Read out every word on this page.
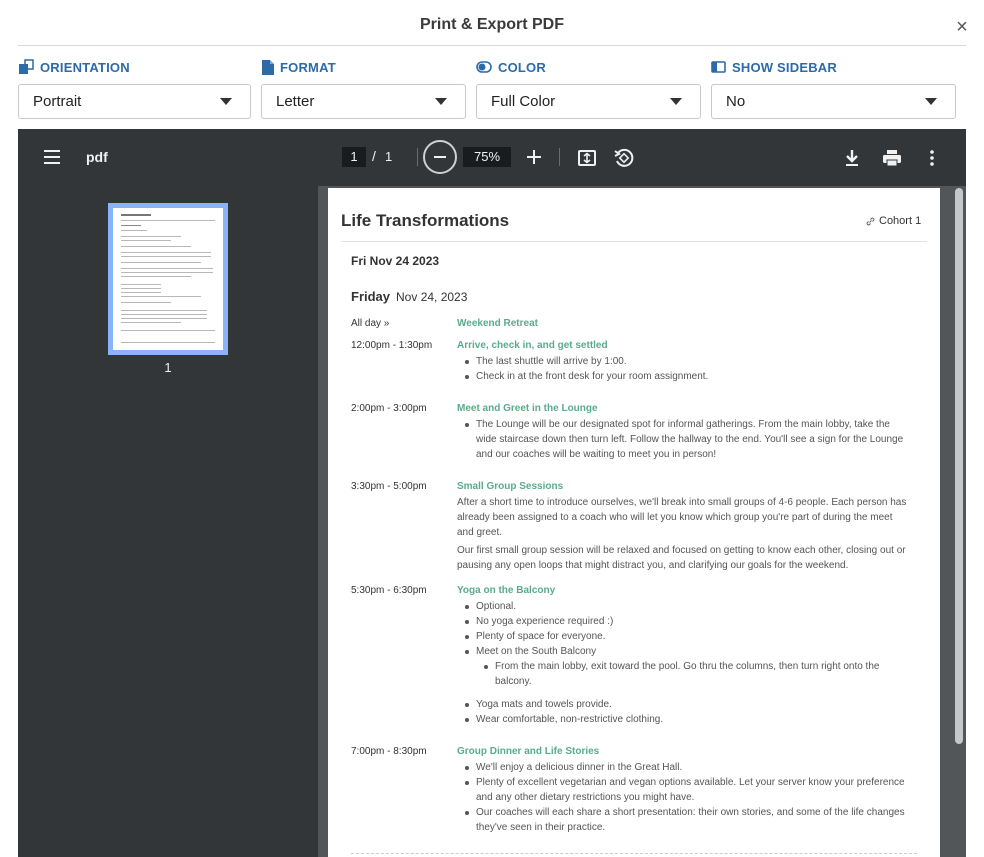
Print & Export PDF	×
ORIENTATION	FORMAT	COLOR	SHOW SIDEBAR
Portrait	Letter	Full Color	No
pdf	1	/ 1	75%
1
Life Transformations	Cohort 1
Fri Nov 24 2023
Friday Nov 24, 2023
All day »	Weekend Retreat
12:00pm - 1:30pm Arrive, check in, and get settled
The last shuttle will arrive by 1:00.
Check in at the front desk for your room assignment.
2:00pm - 3:00pm	Meet and Greet in the Lounge
The Lounge will be our designated spot for informal gatherings. From the main lobby, take the wide staircase down then turn left. Follow the hallway to the end. You'll see a sign for the Lounge and our coaches will be waiting to meet you in person!
3:30pm - 5:00pm	Small Group Sessions
After a short time to introduce ourselves, we'll break into small groups of 4-6 people. Each person has already been assigned to a coach who will let you know which group you're part of during the meet and greet.
Our first small group session will be relaxed and focused on getting to know each other, closing out or pausing any open loops that might distract you, and clarifying our goals for the weekend.
5:30pm - 6:30pm	Yoga on the Balcony
Optional.
No yoga experience required :)
Plenty of space for everyone.
Meet on the South Balcony
From the main lobby, exit toward the pool. Go thru the columns, then turn right onto the balcony.
Yoga mats and towels provide.
Wear comfortable, non-restrictive clothing.
7:00pm - 8:30pm	Group Dinner and Life Stories
We'll enjoy a delicious dinner in the Great Hall.
Plenty of excellent vegetarian and vegan options available. Let your server know your preference and any other dietary restrictions you might have.
Our coaches will each share a short presentation: their own stories, and some of the life changes they've seen in their practice.
